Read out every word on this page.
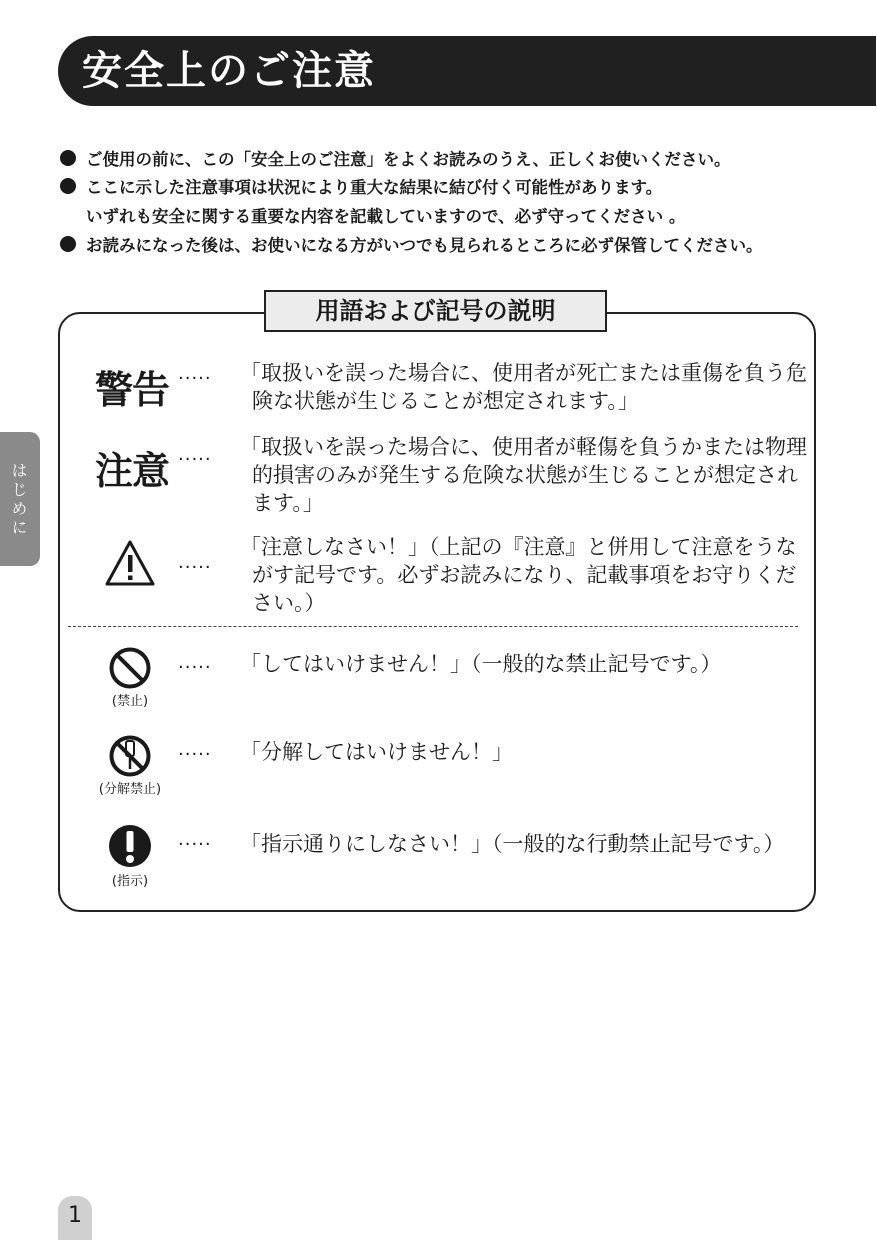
安全上のご注意
ご使用の前に、この「安全上のご注意」をよくお読みのうえ、正しくお使いください。
ここに示した注意事項は状況により重大な結果に結び付く可能性があります。
いずれも安全に関する重要な内容を記載していますので、必ず守ってください 。
お読みになった後は、お使いになる方がいつでも見られるところに必ず保管してください。
はじめに
用語および記号の説明
警告 ····· 「取扱いを誤った場合に、使用者が死亡または重傷を負う危
険な状態が生じることが想定されます。」
注意 ·····
「取扱いを誤った場合に、使用者が軽傷を負うかまたは物理
的損害のみが発生する危険な状態が生じることが想定され
ます。」
·····
「注意しなさい！」（上記の『注意』と併用して注意をうな
がす記号です。必ずお読みになり、記載事項をお守りくだ
さい。）
(禁止)
····· 「してはいけません！」（一般的な禁止記号です。）
(分解禁止)
····· 「分解してはいけません！」
(指示)
····· 「指示通りにしなさい！」（一般的な行動禁止記号です。）
1
